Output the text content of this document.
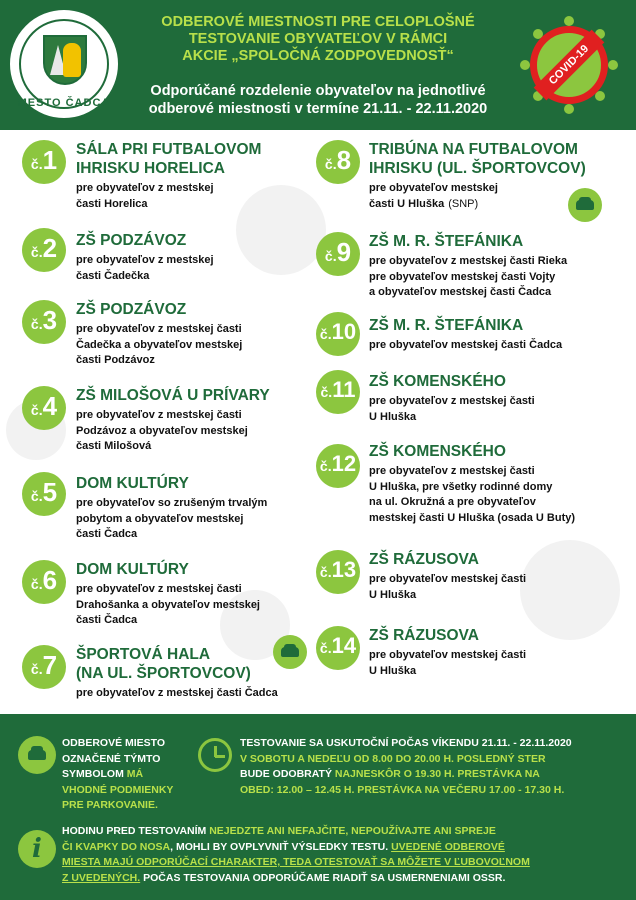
MESTO ČADCA
ODBEROVÉ MIESTNOSTI PRE CELOPLOŠNÉ
TESTOVANIE OBYVATEĽOV V RÁMCI
AKCIE „SPOLOČNÁ ZODPOVEDNOSŤ“
Odporúčané rozdelenie obyvateľov na jednotlivé
odberové miestnosti v termíne 21.11. - 22.11.2020
COVID-19
č. 1 SÁLA PRI FUTBALOVOM
IHRISKU HORELICA
pre obyvateľov z mestskej
časti Horelica
č. 2 ZŠ PODZÁVOZ
pre obyvateľov z mestskej
časti Čadečka
č. 3 ZŠ PODZÁVOZ
pre obyvateľov z mestskej časti
Čadečka a obyvateľov mestskej
časti Podzávoz
č. 4 ZŠ MILOŠOVÁ U PRÍVARY
pre obyvateľov z mestskej časti
Podzávoz a obyvateľov mestskej
časti Milošová
č. 5 DOM KULTÚRY
pre obyvateľov so zrušeným trvalým
pobytom a obyvateľov mestskej
časti Čadca
č. 6 DOM KULTÚRY
pre obyvateľov z mestskej časti
Drahošanka a obyvateľov mestskej
časti Čadca
č. 7 ŠPORTOVÁ HALA
(NA UL. ŠPORTOVCOV)
pre obyvateľov z mestskej časti Čadca
č. 8 TRIBÚNA NA FUTBALOVOM
IHRISKU (UL. ŠPORTOVCOV)
pre obyvateľov mestskej
časti U Hluška (SNP)
č. 9 ZŠ M. R. ŠTEFÁNIKA
pre obyvateľov z mestskej časti Rieka
pre obyvateľov mestskej časti Vojty
a obyvateľov mestskej časti Čadca
č. 10 ZŠ M. R. ŠTEFÁNIKA
pre obyvateľov mestskej časti Čadca
č. 11 ZŠ KOMENSKÉHO
pre obyvateľov z mestskej časti
U Hluška
č. 12 ZŠ KOMENSKÉHO
pre obyvateľov z mestskej časti
U Hluška, pre všetky rodinné domy
na ul. Okružná a pre obyvateľov
mestskej časti U Hluška (osada U Buty)
č. 13 ZŠ RÁZUSOVA
pre obyvateľov mestskej časti
U Hluška
č. 14 ZŠ RÁZUSOVA
pre obyvateľov mestskej časti
U Hluška
ODBEROVÉ MIESTO
OZNAČENÉ TÝMTO
SYMBOLOM MÁ
VHODNÉ PODMIENKY
PRE PARKOVANIE.
TESTOVANIE SA USKUTOČNÍ POČAS VÍKENDU 21.11. - 22.11.2020
V SOBOTU A NEDEĽU OD 8.00 DO 20.00 H. POSLEDNÝ STER
BUDE ODOBRATÝ NAJNESKÔR O 19.30 H. PRESTÁVKA NA
OBED: 12.00 – 12.45 H. PRESTÁVKA NA VEČERU 17.00 - 17.30 H.
i
HODINU PRED TESTOVANÍM NEJEDZTE ANI NEFAJČITE, NEPOUŽÍVAJTE ANI SPREJE
ČI KVAPKY DO NOSA, MOHLI BY OVPLYVNIŤ VÝSLEDKY TESTU. UVEDENÉ ODBEROVÉ
MIESTA MAJÚ ODPORÚČACÍ CHARAKTER, TEDA OTESTOVAŤ SA MÔŽETE V ĽUBOVOĽNOM
Z UVEDENÝCH. POČAS TESTOVANIA ODPORÚČAME RIADIŤ SA USMERNENIAMI OSSR.
